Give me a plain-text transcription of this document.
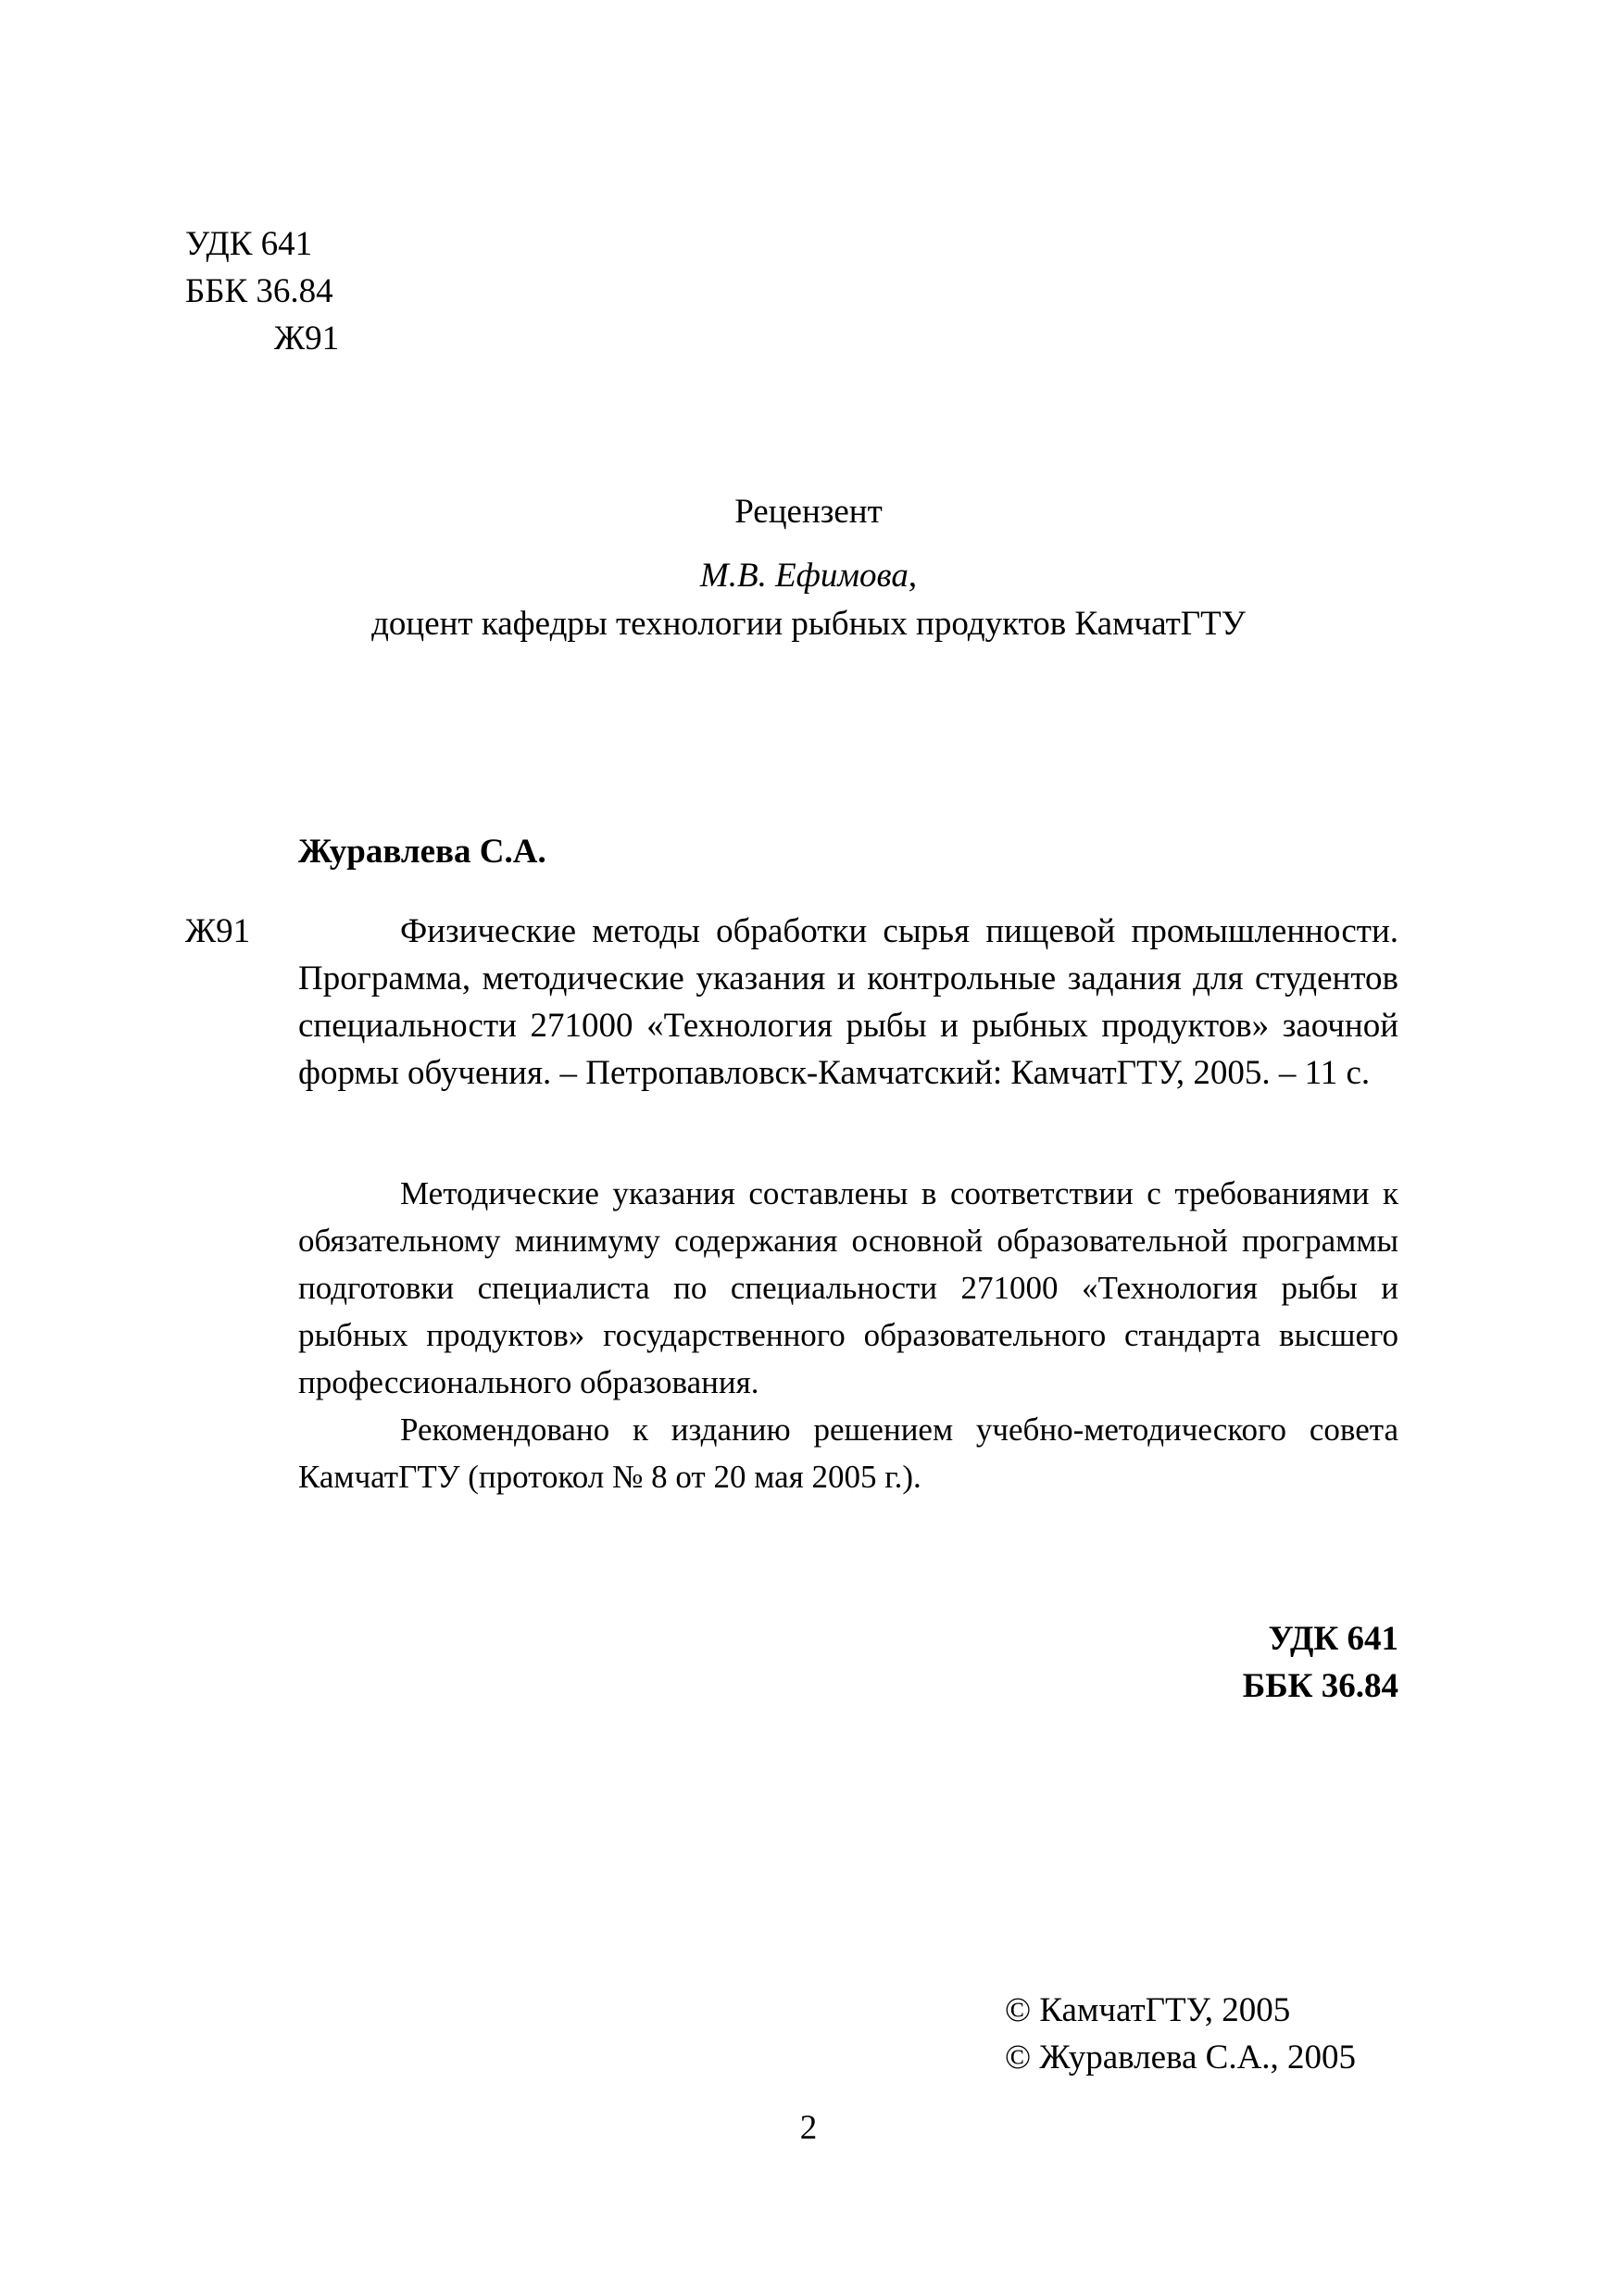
УДК 641
ББК 36.84
Ж91
Рецензент
М.В. Ефимова,
доцент кафедры технологии рыбных продуктов КамчатГТУ
Журавлева С.А.
Ж91	Физические методы обработки сырья пищевой промышленности. Программа, методические указания и контрольные задания для студентов специальности 271000 «Технология рыбы и рыбных продуктов» заочной формы обучения. – Петропавловск-Камчатский: КамчатГТУ, 2005. – 11 с.

Методические указания составлены в соответствии с требованиями к обязательному минимуму содержания основной образовательной программы подготовки специалиста по специальности 271000 «Технология рыбы и рыбных продуктов» государственного образовательного стандарта высшего профессионального образования.

Рекомендовано к изданию решением учебно-методического совета КамчатГТУ (протокол № 8 от 20 мая 2005 г.).

УДК 641
ББК 36.84
© КамчатГТУ, 2005
© Журавлева С.А., 2005
2
